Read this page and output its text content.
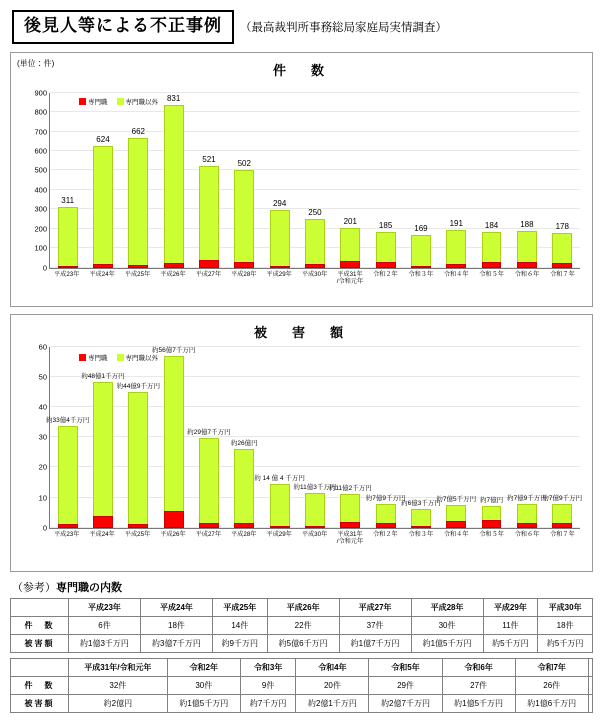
後見人等による不正事例	（最高裁判所事務総局家庭局実情調査）
(単位：件)	件　数
専門職	専門職以外
0
100
200
300
400
500
600
700
800
900
311
624
662
831
521	502
294
250
201	185	169	191	184	188	178
平成23年	平成24年	平成25年	平成26年	平成27年	平成28年	平成29年	平成30年	平成31年
/令和元年
令和２年	令和３年	令和４年	令和５年	令和６年	令和７年
被　害　額
専門職	専門職以外
0
10
20
30
40
50
60
約33億4千万円
約48億1千万円
約44億9千万円
約56億7千万円
約29億7千万円
約26億円
約 14 億 4 千万円
約11億3千万円
約11億2千万円
約7億9千万円
約6億3千万円
約7億5千万円 約7億円 約7億9千万円
約7億9千万円
平成23年	平成24年	平成25年	平成26年	平成27年	平成28年	平成29年	平成30年	平成31年
/令和元年
令和２年	令和３年	令和４年	令和５年	令和６年	令和７年
（参考）専門職の内数
	平成23年	平成24年	平成25年	平成26年	平成27年	平成28年	平成29年	平成30年
件　数	6件	18件	14件	22件	37件	30件	11件	18件
被害額	約1億3千万円	約3億7千万円	約9千万円	約5億6千万円	約1億7千万円	約1億5千万円	約5千万円	約5千万円
	平成31年/令和元年	令和2年	令和3年	令和4年	令和5年	令和6年	令和7年	
件　数	32件	30件	9件	20件	29件	27件	26件	
被害額	約2億円	約1億5千万円	約7千万円	約2億1千万円	約2億7千万円	約1億5千万円	約1億6千万円	
